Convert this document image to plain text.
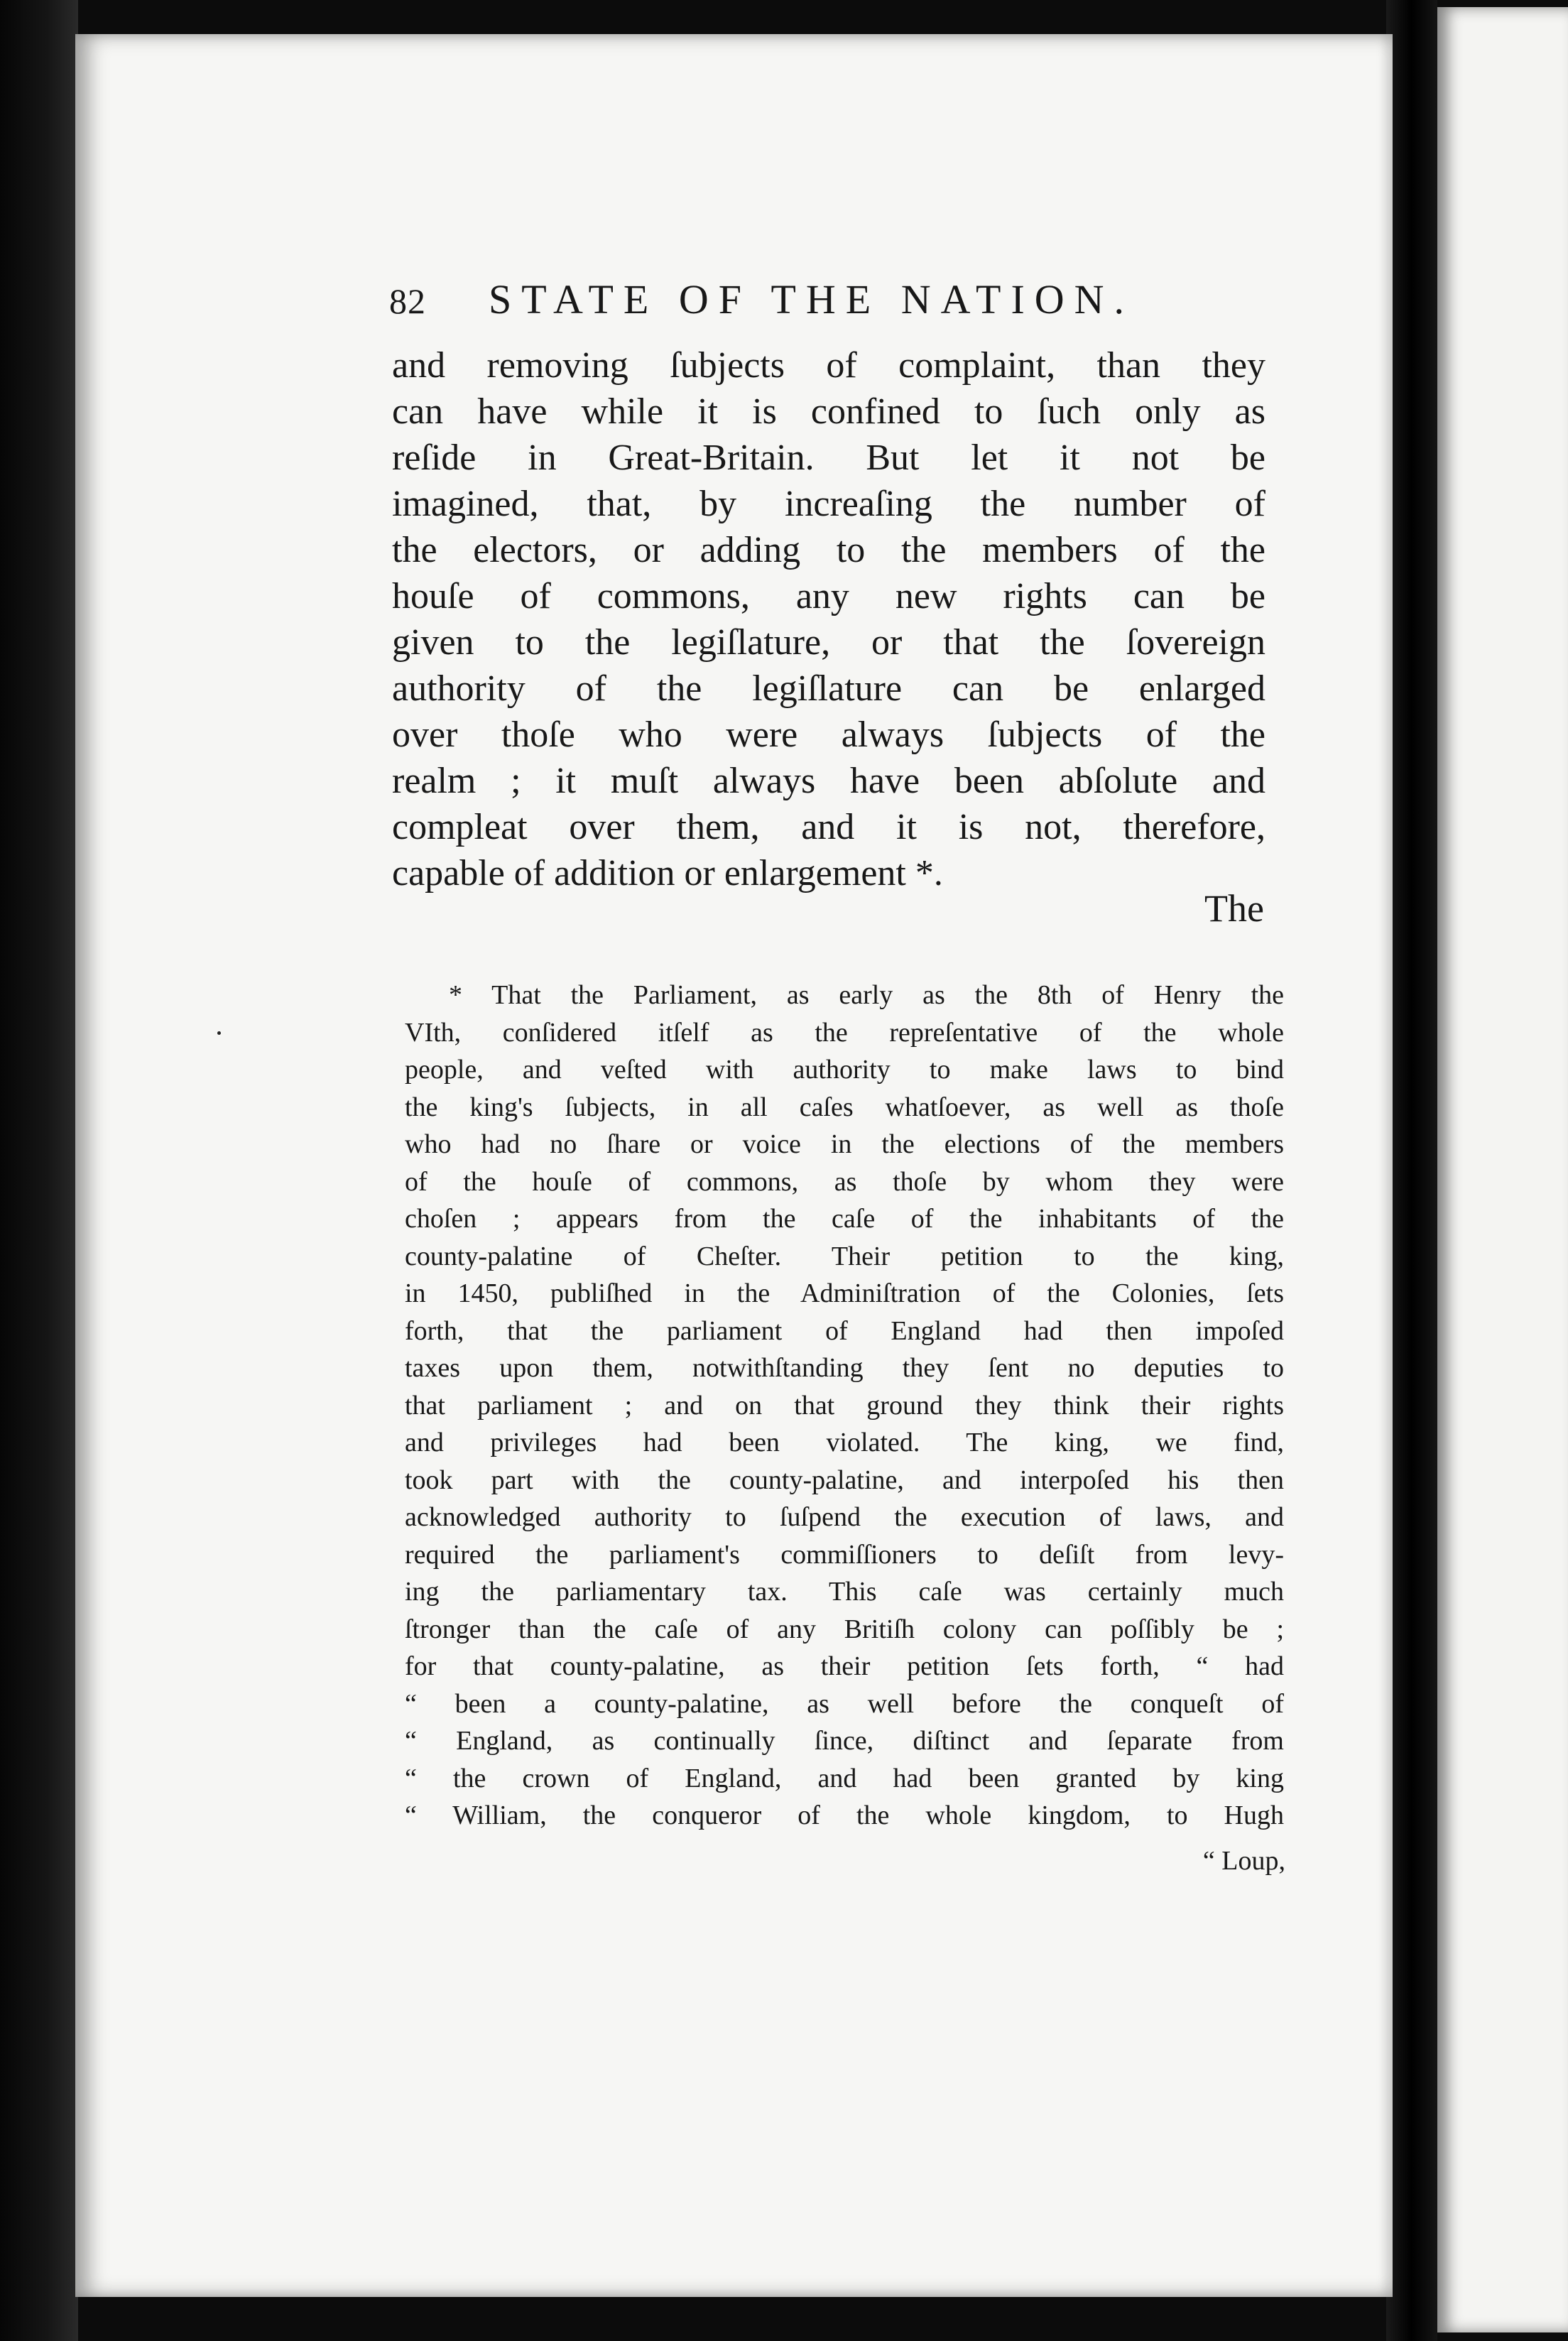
82	STATE OF THE NATION.
and removing ſubjects of complaint, than they
can have while it is confined to ſuch only as
reſide in Great-Britain. But let it not be
imagined, that, by increaſing the number of
the electors, or adding to the members of the
houſe of commons, any new rights can be
given to the legiſlature, or that the ſovereign
authority of the legiſlature can be enlarged
over thoſe who were always ſubjects of the
realm ; it muſt always have been abſolute and
compleat over them, and it is not, therefore,
capable of addition or enlargement *.
The
* That the Parliament, as early as the 8th of Henry the
VIth, conſidered itſelf as the repreſentative of the whole
people, and veſted with authority to make laws to bind
the king's ſubjects, in all caſes whatſoever, as well as thoſe
who had no ſhare or voice in the elections of the members
of the houſe of commons, as thoſe by whom they were
choſen ; appears from the caſe of the inhabitants of the
county-palatine of Cheſter. Their petition to the king,
in 1450, publiſhed in the Adminiſtration of the Colonies, ſets
forth, that the parliament of England had then impoſed
taxes upon them, notwithſtanding they ſent no deputies to
that parliament ; and on that ground they think their rights
and privileges had been violated. The king, we find,
took part with the county-palatine, and interpoſed his then
acknowledged authority to ſuſpend the execution of laws, and
required the parliament's commiſſioners to deſiſt from levy-
ing the parliamentary tax. This caſe was certainly much
ſtronger than the caſe of any Britiſh colony can poſſibly be ;
for that county-palatine, as their petition ſets forth, “ had
“ been a county-palatine, as well before the conqueſt of
“ England, as continually ſince, diſtinct and ſeparate from
“ the crown of England, and had been granted by king
“ William, the conqueror of the whole kingdom, to Hugh
“ Loup,
